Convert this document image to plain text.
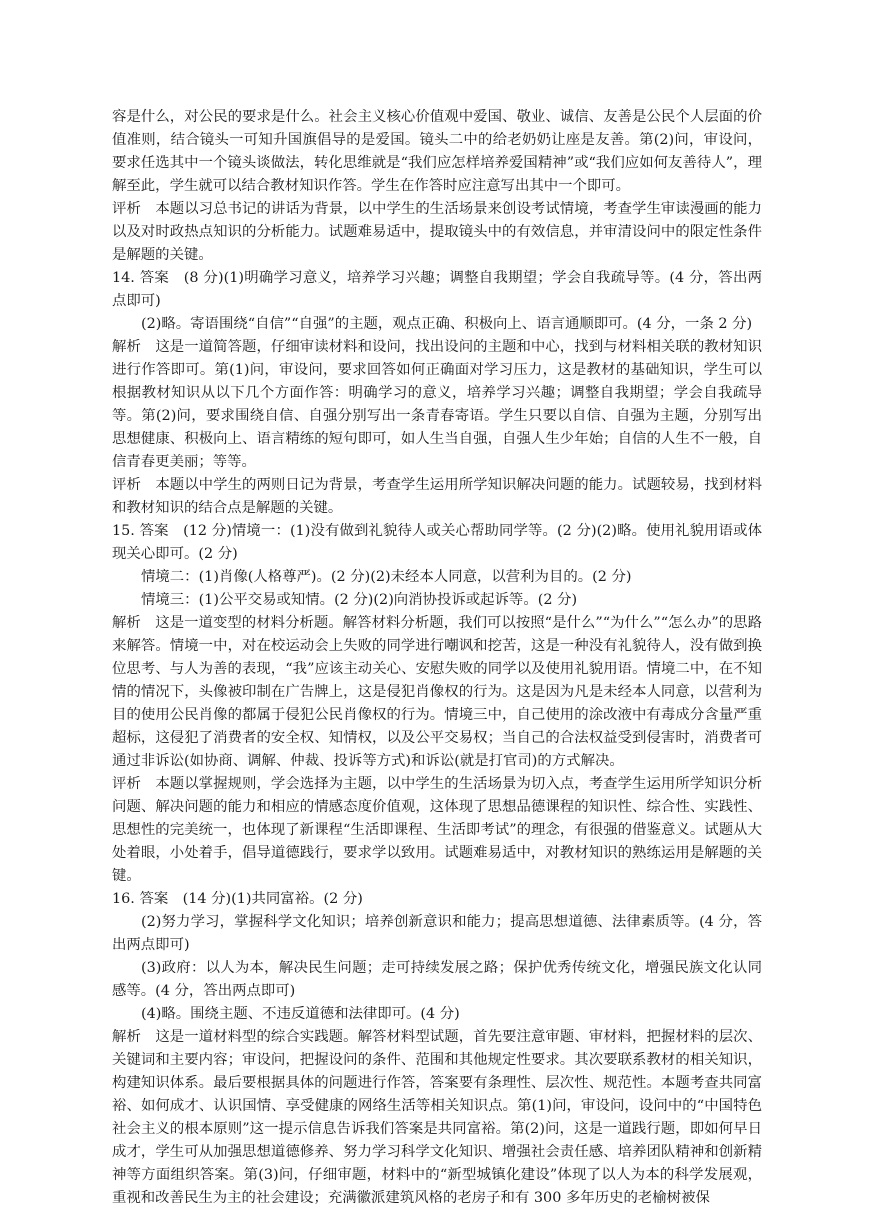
容是什么，对公民的要求是什么。社会主义核心价值观中爱国、敬业、诚信、友善是公民个人层面的价值准则，结合镜头一可知升国旗倡导的是爱国。镜头二中的给老奶奶让座是友善。第(2)问，审设问，要求任选其中一个镜头谈做法，转化思维就是“我们应怎样培养爱国精神”或“我们应如何友善待人”，理解至此，学生就可以结合教材知识作答。学生在作答时应注意写出其中一个即可。

评析　本题以习总书记的讲话为背景，以中学生的生活场景来创设考试情境，考查学生审读漫画的能力以及对时政热点知识的分析能力。试题难易适中，提取镜头中的有效信息，并审清设问中的限定性条件是解题的关键。

14. 答案　(8 分)(1)明确学习意义，培养学习兴趣；调整自我期望；学会自我疏导等。(4 分，答出两点即可)

(2)略。寄语围绕“自信”“自强”的主题，观点正确、积极向上、语言通顺即可。(4 分，一条 2 分)

解析　这是一道简答题，仔细审读材料和设问，找出设问的主题和中心，找到与材料相关联的教材知识进行作答即可。第(1)问，审设问，要求回答如何正确面对学习压力，这是教材的基础知识，学生可以根据教材知识从以下几个方面作答：明确学习的意义，培养学习兴趣；调整自我期望；学会自我疏导等。第(2)问，要求围绕自信、自强分别写出一条青春寄语。学生只要以自信、自强为主题，分别写出思想健康、积极向上、语言精练的短句即可，如人生当自强，自强人生少年始；自信的人生不一般，自信青春更美丽；等等。

评析　本题以中学生的两则日记为背景，考查学生运用所学知识解决问题的能力。试题较易，找到材料和教材知识的结合点是解题的关键。

15. 答案　(12 分)情境一：(1)没有做到礼貌待人或关心帮助同学等。(2 分)(2)略。使用礼貌用语或体现关心即可。(2 分)

情境二：(1)肖像(人格尊严)。(2 分)(2)未经本人同意，以营利为目的。(2 分)

情境三：(1)公平交易或知情。(2 分)(2)向消协投诉或起诉等。(2 分)

解析　这是一道变型的材料分析题。解答材料分析题，我们可以按照“是什么”“为什么”“怎么办”的思路来解答。情境一中，对在校运动会上失败的同学进行嘲讽和挖苦，这是一种没有礼貌待人，没有做到换位思考、与人为善的表现，“我”应该主动关心、安慰失败的同学以及使用礼貌用语。情境二中，在不知情的情况下，头像被印制在广告牌上，这是侵犯肖像权的行为。这是因为凡是未经本人同意，以营利为目的使用公民肖像的都属于侵犯公民肖像权的行为。情境三中，自己使用的涂改液中有毒成分含量严重超标，这侵犯了消费者的安全权、知情权，以及公平交易权；当自己的合法权益受到侵害时，消费者可通过非诉讼(如协商、调解、仲裁、投诉等方式)和诉讼(就是打官司)的方式解决。

评析　本题以掌握规则，学会选择为主题，以中学生的生活场景为切入点，考查学生运用所学知识分析问题、解决问题的能力和相应的情感态度价值观，这体现了思想品德课程的知识性、综合性、实践性、思想性的完美统一，也体现了新课程“生活即课程、生活即考试”的理念，有很强的借鉴意义。试题从大处着眼，小处着手，倡导道德践行，要求学以致用。试题难易适中，对教材知识的熟练运用是解题的关键。

16. 答案　(14 分)(1)共同富裕。(2 分)

(2)努力学习，掌握科学文化知识；培养创新意识和能力；提高思想道德、法律素质等。(4 分，答出两点即可)

(3)政府：以人为本，解决民生问题；走可持续发展之路；保护优秀传统文化，增强民族文化认同感等。(4 分，答出两点即可)

(4)略。围绕主题、不违反道德和法律即可。(4 分)

解析　这是一道材料型的综合实践题。解答材料型试题，首先要注意审题、审材料，把握材料的层次、关键词和主要内容；审设问，把握设问的条件、范围和其他规定性要求。其次要联系教材的相关知识，构建知识体系。最后要根据具体的问题进行作答，答案要有条理性、层次性、规范性。本题考查共同富裕、如何成才、认识国情、享受健康的网络生活等相关知识点。第(1)问，审设问，设问中的“中国特色社会主义的根本原则”这一提示信息告诉我们答案是共同富裕。第(2)问，这是一道践行题，即如何早日成才，学生可从加强思想道德修养、努力学习科学文化知识、增强社会责任感、培养团队精神和创新精神等方面组织答案。第(3)问，仔细审题，材料中的“新型城镇化建设”体现了以人为本的科学发展观，重视和改善民生为主的社会建设；充满徽派建筑风格的老房子和有 300 多年历史的老榆树被保
